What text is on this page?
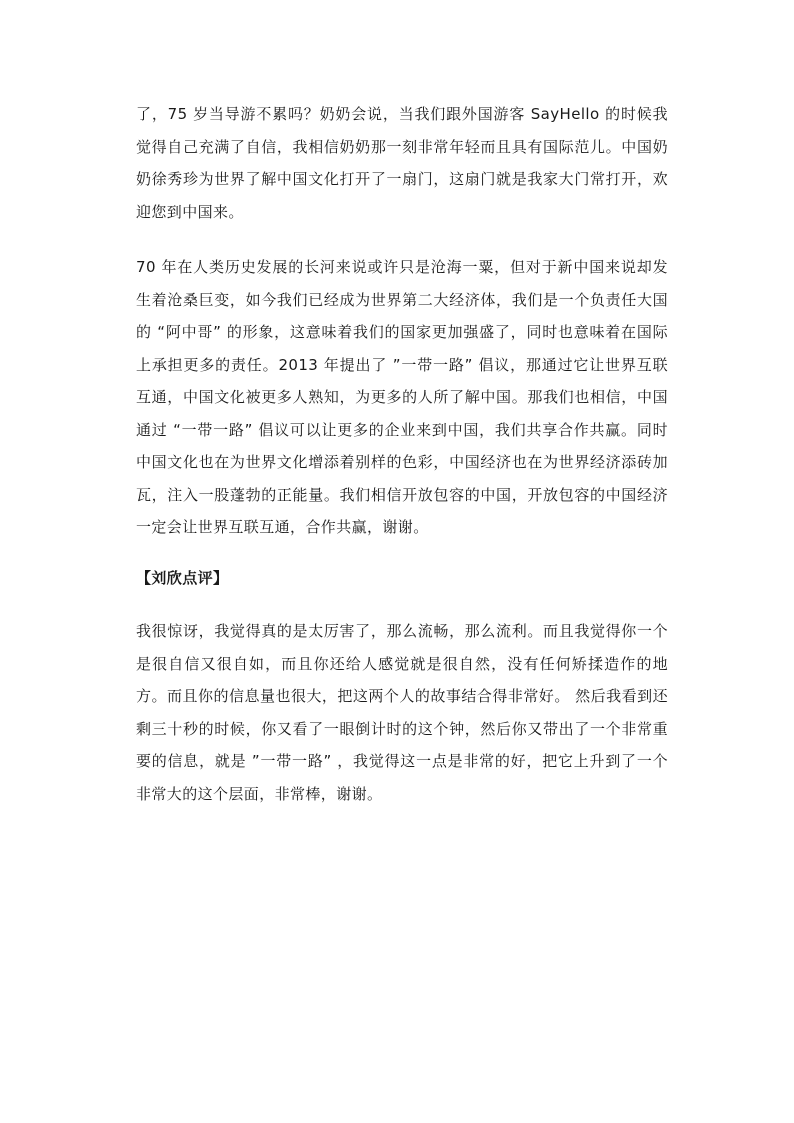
了，75 岁当导游不累吗？奶奶会说，当我们跟外国游客 SayHello 的时候我觉得自己充满了自信，我相信奶奶那一刻非常年轻而且具有国际范儿。中国奶奶徐秀珍为世界了解中国文化打开了一扇门，这扇门就是我家大门常打开，欢迎您到中国来。

70 年在人类历史发展的长河来说或许只是沧海一粟，但对于新中国来说却发生着沧桑巨变，如今我们已经成为世界第二大经济体，我们是一个负责任大国的 “阿中哥” 的形象，这意味着我们的国家更加强盛了，同时也意味着在国际上承担更多的责任。2013 年提出了 ”一带一路” 倡议，那通过它让世界互联互通，中国文化被更多人熟知，为更多的人所了解中国。那我们也相信，中国通过 “一带一路” 倡议可以让更多的企业来到中国，我们共享合作共赢。同时中国文化也在为世界文化增添着别样的色彩，中国经济也在为世界经济添砖加瓦，注入一股蓬勃的正能量。我们相信开放包容的中国，开放包容的中国经济一定会让世界互联互通，合作共赢，谢谢。

【刘欣点评】

我很惊讶，我觉得真的是太厉害了，那么流畅，那么流利。而且我觉得你一个是很自信又很自如，而且你还给人感觉就是很自然，没有任何矫揉造作的地方。而且你的信息量也很大，把这两个人的故事结合得非常好。 然后我看到还剩三十秒的时候，你又看了一眼倒计时的这个钟，然后你又带出了一个非常重要的信息，就是 ”一带一路” ，我觉得这一点是非常的好，把它上升到了一个非常大的这个层面，非常棒，谢谢。
